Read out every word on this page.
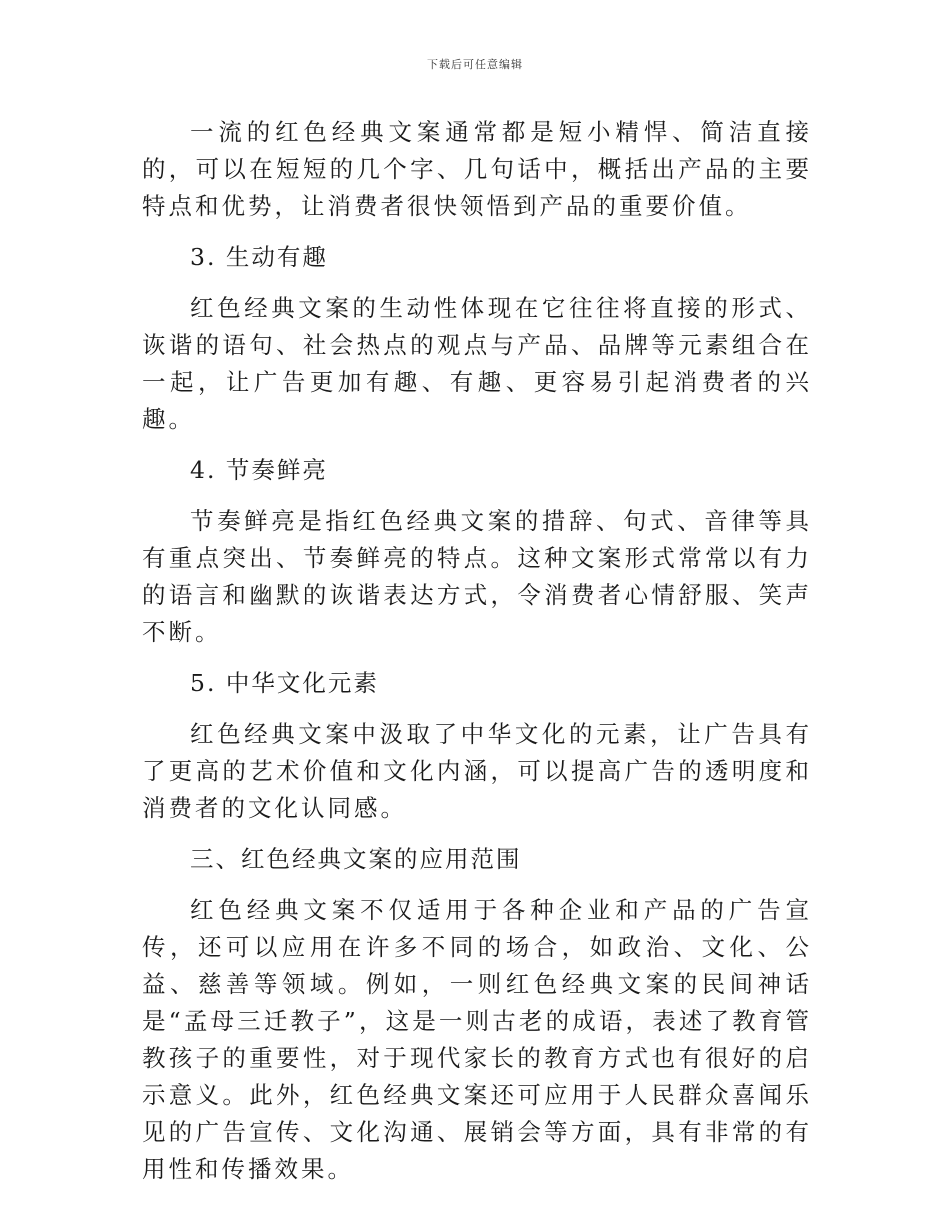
下载后可任意编辑

一流的红色经典文案通常都是短小精悍、简洁直接的，可以在短短的几个字、几句话中，概括出产品的主要特点和优势，让消费者很快领悟到产品的重要价值。

3. 生动有趣

红色经典文案的生动性体现在它往往将直接的形式、诙谐的语句、社会热点的观点与产品、品牌等元素组合在一起，让广告更加有趣、有趣、更容易引起消费者的兴趣。

4. 节奏鲜亮

节奏鲜亮是指红色经典文案的措辞、句式、音律等具有重点突出、节奏鲜亮的特点。这种文案形式常常以有力的语言和幽默的诙谐表达方式，令消费者心情舒服、笑声不断。

5. 中华文化元素

红色经典文案中汲取了中华文化的元素，让广告具有了更高的艺术价值和文化内涵，可以提高广告的透明度和消费者的文化认同感。

三、红色经典文案的应用范围

红色经典文案不仅适用于各种企业和产品的广告宣传，还可以应用在许多不同的场合，如政治、文化、公益、慈善等领域。例如，一则红色经典文案的民间神话是“孟母三迁教子”，这是一则古老的成语，表述了教育管教孩子的重要性，对于现代家长的教育方式也有很好的启示意义。此外，红色经典文案还可应用于人民群众喜闻乐见的广告宣传、文化沟通、展销会等方面，具有非常的有用性和传播效果。
